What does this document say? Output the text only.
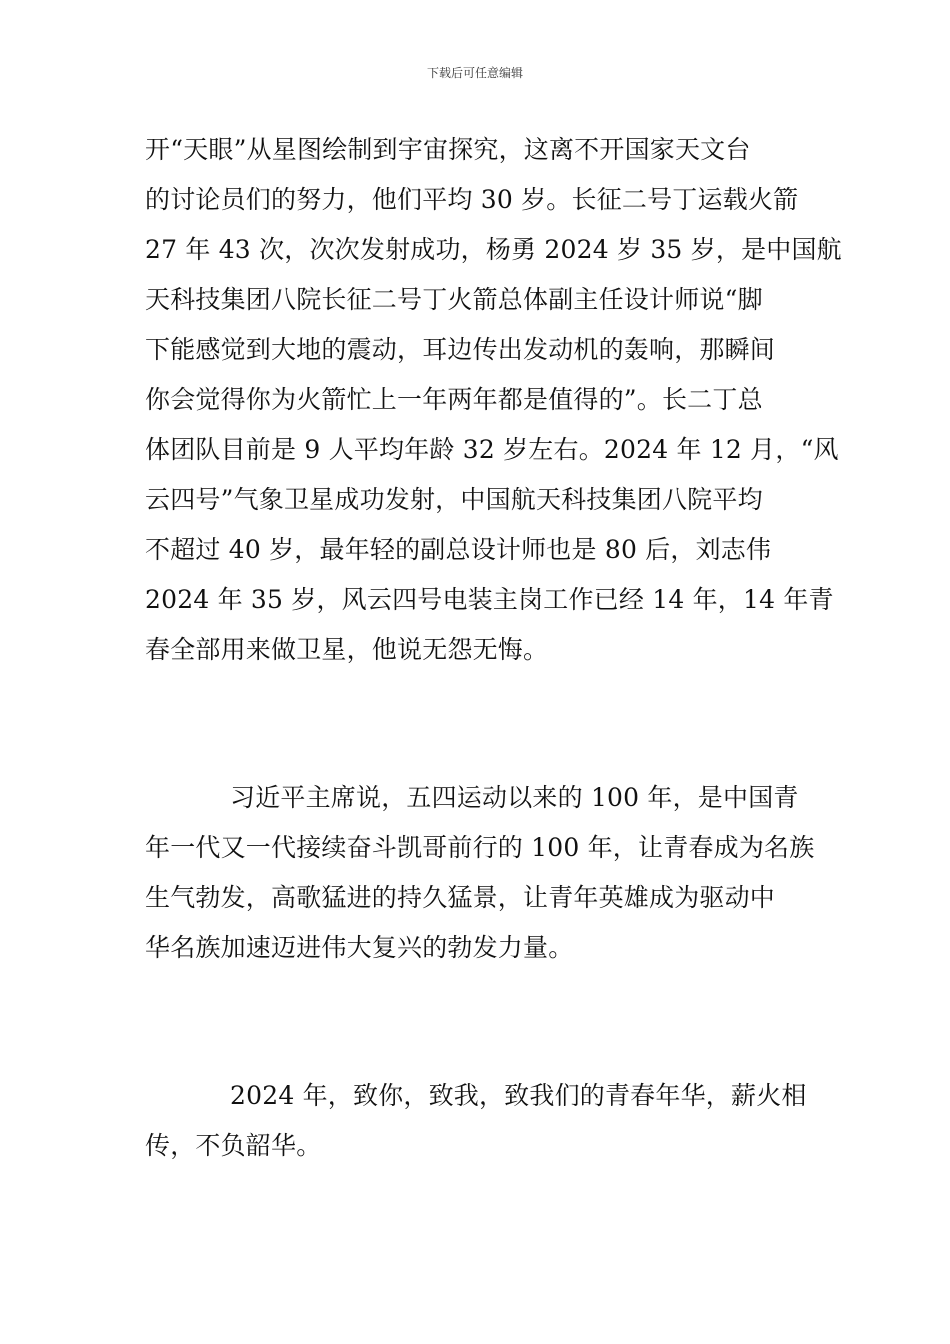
下载后可任意编辑
开“天眼”从星图绘制到宇宙探究，这离不开国家天文台
的讨论员们的努力，他们平均 30 岁。长征二号丁运载火箭
27 年 43 次，次次发射成功，杨勇 2024 岁 35 岁，是中国航
天科技集团八院长征二号丁火箭总体副主任设计师说“脚
下能感觉到大地的震动，耳边传出发动机的轰响，那瞬间
你会觉得你为火箭忙上一年两年都是值得的”。长二丁总
体团队目前是 9 人平均年龄 32 岁左右。2024 年 12 月，“风
云四号”气象卫星成功发射，中国航天科技集团八院平均
不超过 40 岁，最年轻的副总设计师也是 80 后，刘志伟
2024 年 35 岁，风云四号电装主岗工作已经 14 年，14 年青
春全部用来做卫星，他说无怨无悔。
习近平主席说，五四运动以来的 100 年，是中国青
年一代又一代接续奋斗凯哥前行的 100 年，让青春成为名族
生气勃发，高歌猛进的持久猛景，让青年英雄成为驱动中
华名族加速迈进伟大复兴的勃发力量。
2024 年，致你，致我，致我们的青春年华，薪火相
传，不负韶华。
